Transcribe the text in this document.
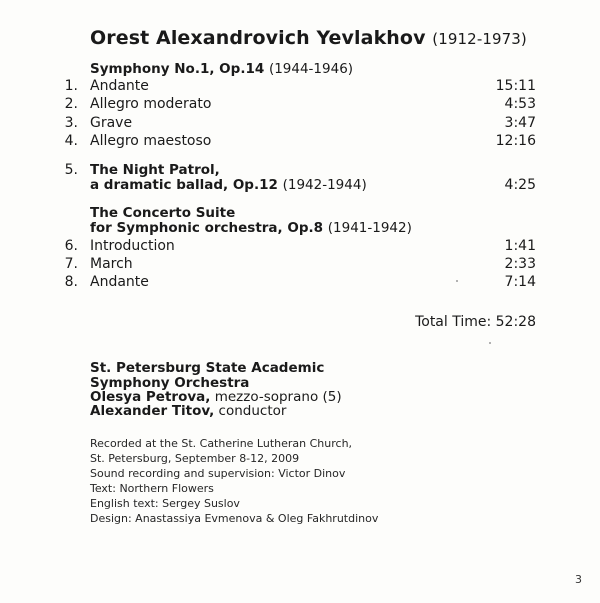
Orest Alexandrovich Yevlakhov (1912-1973)
Symphony No.1, Op.14 (1944-1946)
1. Andante	15:11
2. Allegro moderato	4:53
3. Grave	3:47
4. Allegro maestoso	12:16
5. The Night Patrol,
a dramatic ballad, Op.12 (1942-1944)	4:25
The Concerto Suite
for Symphonic orchestra, Op.8 (1941-1942)
6. Introduction	1:41
7. March	2:33
8. Andante	7:14
Total Time: 52:28
St. Petersburg State Academic
Symphony Orchestra
Olesya Petrova, mezzo-soprano (5)
Alexander Titov, conductor
Recorded at the St. Catherine Lutheran Church,
St. Petersburg, September 8-12, 2009
Sound recording and supervision: Victor Dinov
Text: Northern Flowers
English text: Sergey Suslov
Design: Anastassiya Evmenova & Oleg Fakhrutdinov
3
